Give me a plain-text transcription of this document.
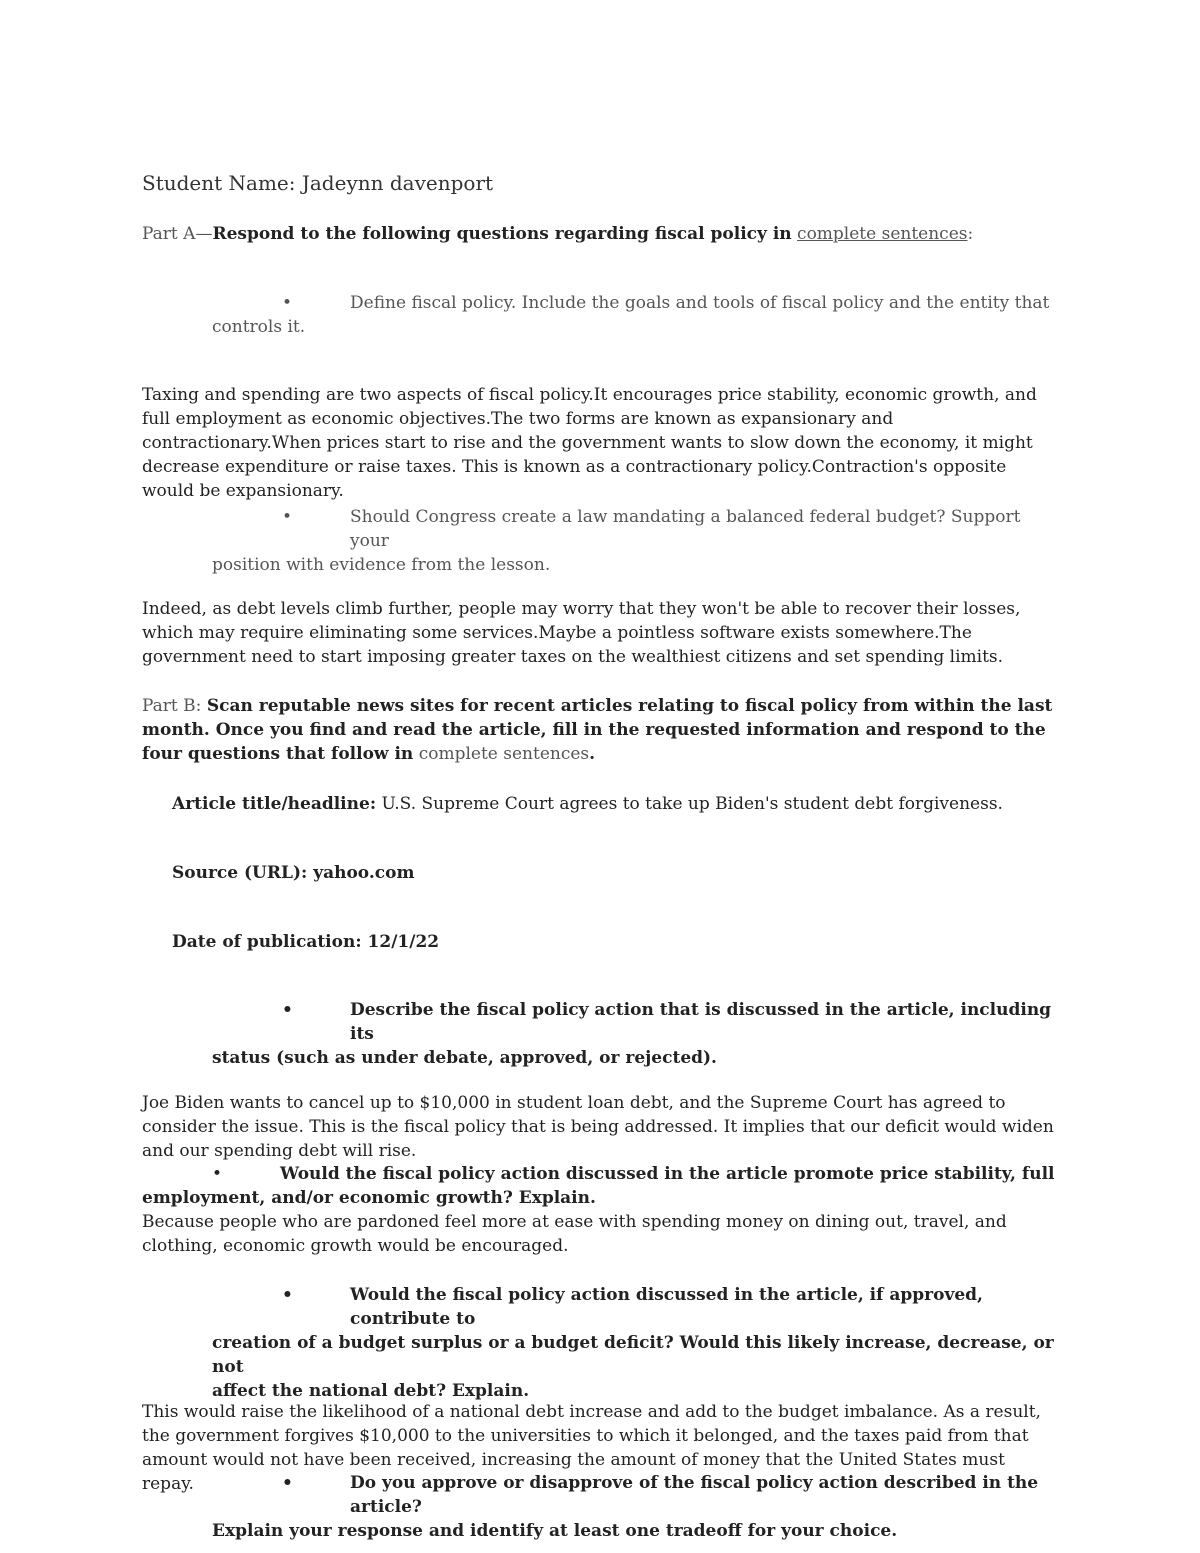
Student Name: Jadeynn davenport

Part A—Respond to the following questions regarding fiscal policy in complete sentences:

•	Define fiscal policy. Include the goals and tools of fiscal policy and the entity that
controls it.

Taxing and spending are two aspects of fiscal policy.It encourages price stability, economic growth, and full employment as economic objectives.The two forms are known as expansionary and contractionary.When prices start to rise and the government wants to slow down the economy, it might decrease expenditure or raise taxes. This is known as a contractionary policy.Contraction's opposite would be expansionary.

•	Should Congress create a law mandating a balanced federal budget? Support your
position with evidence from the lesson.

Indeed, as debt levels climb further, people may worry that they won't be able to recover their losses, which may require eliminating some services.Maybe a pointless software exists somewhere.The government need to start imposing greater taxes on the wealthiest citizens and set spending limits.

Part B: Scan reputable news sites for recent articles relating to fiscal policy from within the last month. Once you find and read the article, fill in the requested information and respond to the four questions that follow in complete sentences.

Article title/headline: U.S. Supreme Court agrees to take up Biden's student debt forgiveness.

Source (URL): yahoo.com

Date of publication: 12/1/22

•	Describe the fiscal policy action that is discussed in the article, including its
status (such as under debate, approved, or rejected).

Joe Biden wants to cancel up to $10,000 in student loan debt, and the Supreme Court has agreed to consider the issue. This is the fiscal policy that is being addressed. It implies that our deficit would widen and our spending debt will rise.

•	Would the fiscal policy action discussed in the article promote price stability, full
employment, and/or economic growth? Explain.

Because people who are pardoned feel more at ease with spending money on dining out, travel, and clothing, economic growth would be encouraged.

•	Would the fiscal policy action discussed in the article, if approved, contribute to
creation of a budget surplus or a budget deficit? Would this likely increase, decrease, or not
affect the national debt? Explain.

This would raise the likelihood of a national debt increase and add to the budget imbalance. As a result, the government forgives $10,000 to the universities to which it belonged, and the taxes paid from that amount would not have been received, increasing the amount of money that the United States must repay.	•	Do you approve or disapprove of the fiscal policy action described in the article?
Explain your response and identify at least one tradeoff for your choice.
